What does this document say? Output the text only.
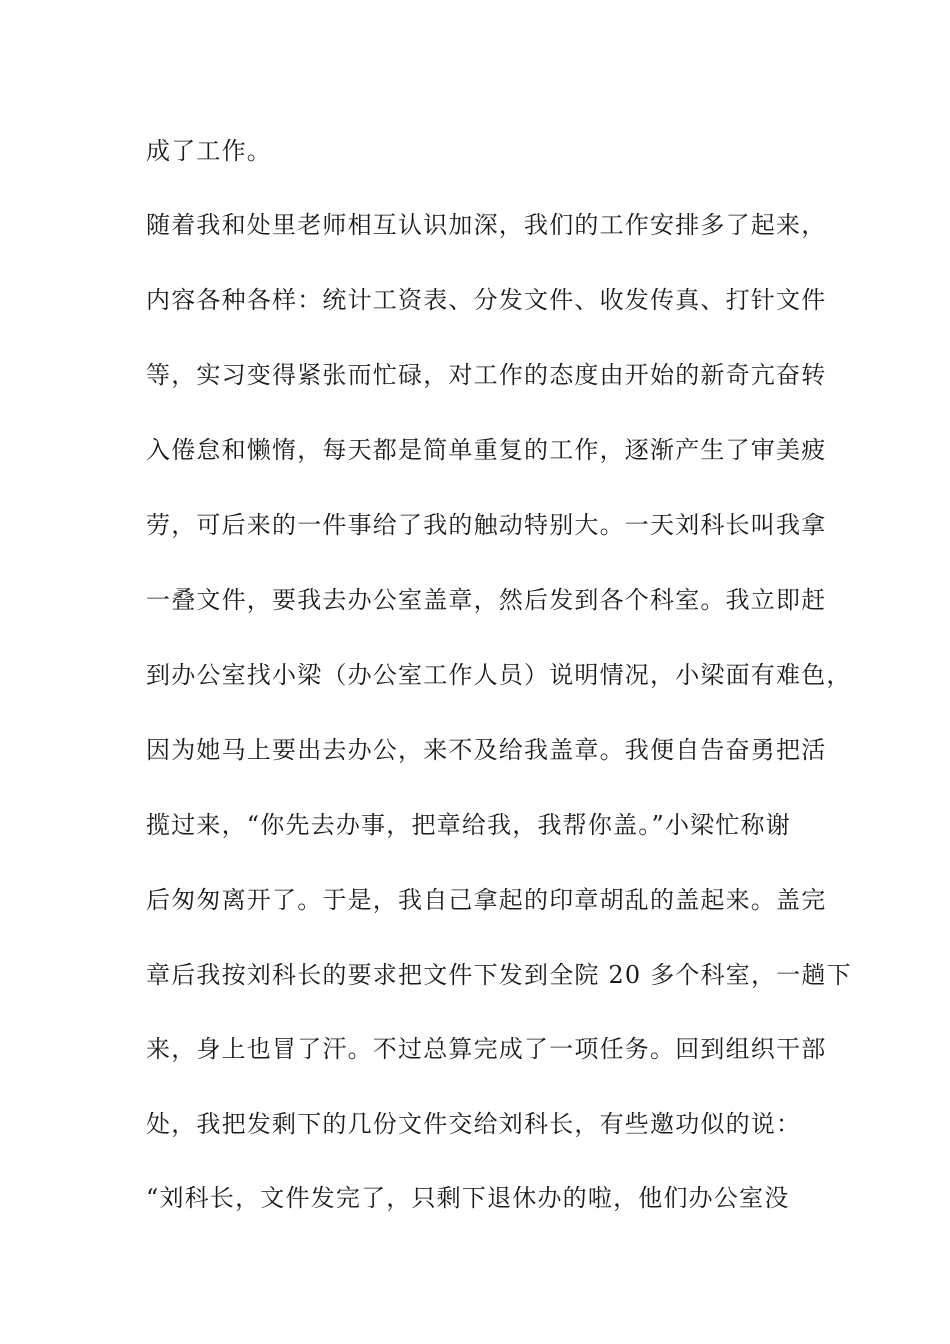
成了工作。
随着我和处里老师相互认识加深，我们的工作安排多了起来，
内容各种各样：统计工资表、分发文件、收发传真、打针文件
等，实习变得紧张而忙碌，对工作的态度由开始的新奇亢奋转
入倦怠和懒惰，每天都是简单重复的工作，逐渐产生了审美疲
劳，可后来的一件事给了我的触动特别大。一天刘科长叫我拿
一叠文件，要我去办公室盖章，然后发到各个科室。我立即赶
到办公室找小梁（办公室工作人员）说明情况，小梁面有难色，
因为她马上要出去办公，来不及给我盖章。我便自告奋勇把活
揽过来，“你先去办事，把章给我，我帮你盖。”小梁忙称谢
后匆匆离开了。于是，我自己拿起的印章胡乱的盖起来。盖完
章后我按刘科长的要求把文件下发到全院 20 多个科室，一趟下
来，身上也冒了汗。不过总算完成了一项任务。回到组织干部
处，我把发剩下的几份文件交给刘科长，有些邀功似的说：
“刘科长，文件发完了，只剩下退休办的啦，他们办公室没
